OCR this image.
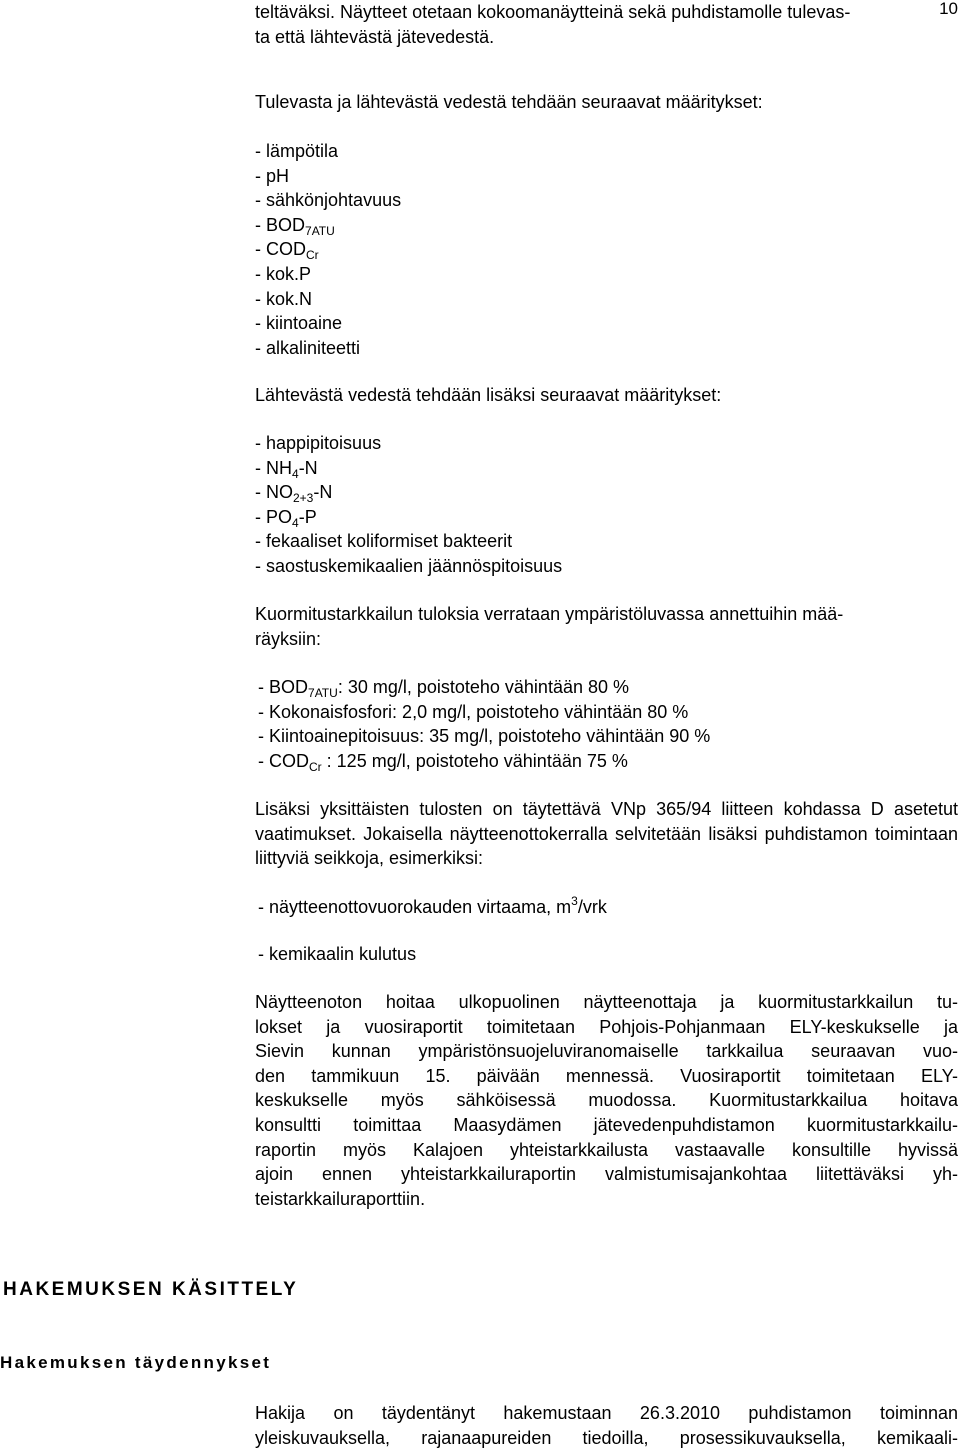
10

teltäväksi. Näytteet otetaan kokoomanäytteinä sekä puhdistamolle tulevas-

ta että lähtevästä jätevedestä.

Tulevasta ja lähtevästä vedestä tehdään seuraavat määritykset:

- lämpötila
- pH
- sähkönjohtavuus
- $BOD_{7ATU}$
- $COD_{Cr}$
- kok.P
- kok.N
- kiintoaine
- alkaliniteetti

Lähtevästä vedestä tehdään lisäksi seuraavat määritykset:

- happipitoisuus
- $NH_4-N$
- $NO_{2+3}-N$
- $PO_4-P$
- fekaaliset koliformiset bakteerit
- saostuskemikaalien jäännöspitoisuus

Kuormitustarkkailun tuloksia verrataan ympäristöluvassa annettuihin mää-

räyksiin:

- $BOD_{7ATU}$: 30 mg/l, poistoteho vähintään 80 %
- Kokonaisfosfori: 2,0 mg/l, poistoteho vähintään 80 %
- Kiintoainepitoisuus: 35 mg/l, poistoteho vähintään 90 %
- $COD_{Cr}$ : 125 mg/l, poistoteho vähintään 75 %

Lisäksi yksittäisten tulosten on täytettävä VNp 365/94 liitteen kohdassa D asetetut vaatimukset. Jokaisella näytteenottokerralla selvitetään lisäksi puhdistamon toimintaan liittyviä seikkoja, esimerkiksi:

- näytteenottovuorokauden virtaama, $m^3$/vrk
- kemikaalin kulutus

Näytteenoton hoitaa ulkopuolinen näytteenottaja ja kuormitustarkkailun tu-

lokset ja vuosiraportit toimitetaan Pohjois-Pohjanmaan ELY-keskukselle ja

Sievin kunnan ympäristönsuojeluviranomaiselle tarkkailua seuraavan vuo-

den tammikuun 15. päivään mennessä. Vuosiraportit toimitetaan ELY-

keskukselle myös sähköisessä muodossa. Kuormitustarkkailua hoitava

konsultti toimittaa Maasydämen jätevedenpuhdistamon kuormitustarkkailu-

raportin myös Kalajoen yhteistarkkailusta vastaavalle konsultille hyvissä

ajoin ennen yhteistarkkailuraportin valmistumisajankohtaa liitettäväksi yh-

teistarkkailuraporttiin.

HAKEMUKSEN KÄSITTELY
Hakemuksen täydennykset

Hakija on täydentänyt hakemustaan 26.3.2010 puhdistamon toiminnan

yleiskuvauksella, rajanaapureiden tiedoilla, prosessikuvauksella, kemikaali-
